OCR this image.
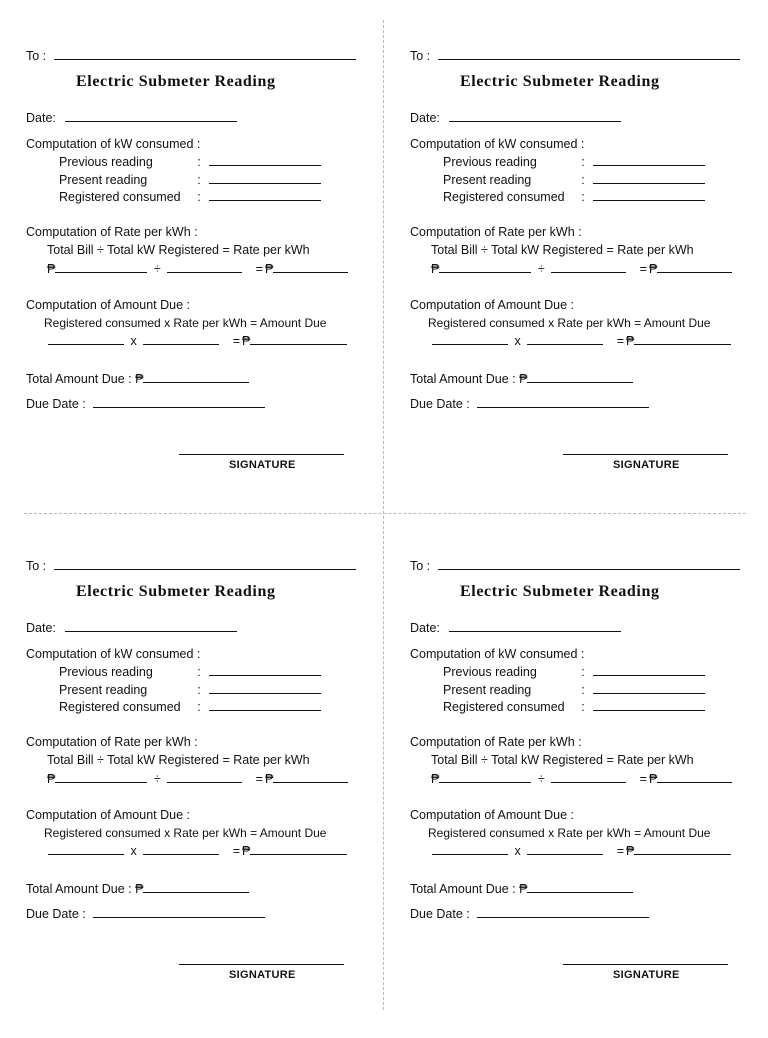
To :
Electric Submeter Reading
Date:
Computation of kW consumed :
Previous reading	:
Present reading	:
Registered consumed :
Computation of Rate per kWh :
Total Bill ÷ Total kW Registered = Rate per kWh
₱	÷	= ₱
Computation of Amount Due :
Registered consumed x Rate per kWh = Amount Due
x	= ₱
Total Amount Due : ₱
Due Date :
SIGNATURE
To :
Electric Submeter Reading
Date:
Computation of kW consumed :
Previous reading	:
Present reading	:
Registered consumed :
Computation of Rate per kWh :
Total Bill ÷ Total kW Registered = Rate per kWh
₱	÷	= ₱
Computation of Amount Due :
Registered consumed x Rate per kWh = Amount Due
x	= ₱
Total Amount Due : ₱
Due Date :
SIGNATURE
To :
Electric Submeter Reading
Date:
Computation of kW consumed :
Previous reading	:
Present reading	:
Registered consumed :
Computation of Rate per kWh :
Total Bill ÷ Total kW Registered = Rate per kWh
₱	÷	= ₱
Computation of Amount Due :
Registered consumed x Rate per kWh = Amount Due
x	= ₱
Total Amount Due : ₱
Due Date :
SIGNATURE
To :
Electric Submeter Reading
Date:
Computation of kW consumed :
Previous reading	:
Present reading	:
Registered consumed :
Computation of Rate per kWh :
Total Bill ÷ Total kW Registered = Rate per kWh
₱	÷	= ₱
Computation of Amount Due :
Registered consumed x Rate per kWh = Amount Due
x	= ₱
Total Amount Due : ₱
Due Date :
SIGNATURE
